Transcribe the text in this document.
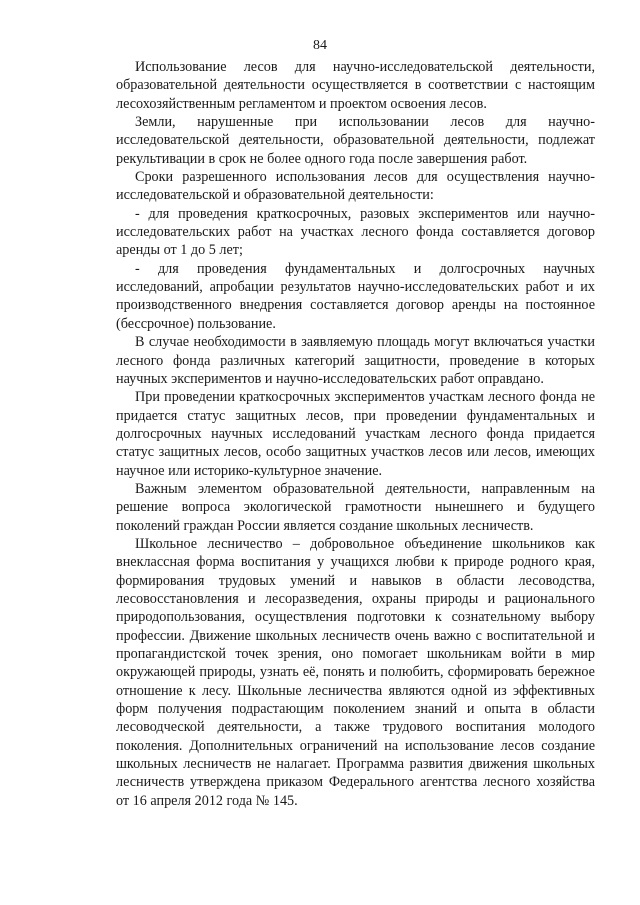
84

Использование лесов для научно-исследовательской деятельности, образовательной деятельности осуществляется в соответствии с настоящим лесохозяйственным регламентом и проектом освоения лесов.

Земли, нарушенные при использовании лесов для научно-исследовательской деятельности, образовательной деятельности, подлежат рекультивации в срок не более одного года после завершения работ.

Сроки разрешенного использования лесов для осуществления научно-исследовательской и образовательной деятельности:

- для проведения краткосрочных, разовых экспериментов или научно-исследовательских работ на участках лесного фонда составляется договор аренды от 1 до 5 лет;

- для проведения фундаментальных и долгосрочных научных исследований, апробации результатов научно-исследовательских работ и их производственного внедрения составляется договор аренды на постоянное (бессрочное) пользование.

В случае необходимости в заявляемую площадь могут включаться участки лесного фонда различных категорий защитности, проведение в которых научных экспериментов и научно-исследовательских работ оправдано.

При проведении краткосрочных экспериментов участкам лесного фонда не придается статус защитных лесов, при проведении фундаментальных и долгосрочных научных исследований участкам лесного фонда придается статус защитных лесов, особо защитных участков лесов или лесов, имеющих научное или историко-культурное значение.

Важным элементом образовательной деятельности, направленным на решение вопроса экологической грамотности нынешнего и будущего поколений граждан России является создание школьных лесничеств.

Школьное лесничество – добровольное объединение школьников как внеклассная форма воспитания у учащихся любви к природе родного края, формирования трудовых умений и навыков в области лесоводства, лесовосстановления и лесоразведения, охраны природы и рационального природопользования, осуществления подготовки к сознательному выбору профессии. Движение школьных лесничеств очень важно с воспитательной и пропагандистской точек зрения, оно помогает школьникам войти в мир окружающей природы, узнать её, понять и полюбить, сформировать бережное отношение к лесу. Школьные лесничества являются одной из эффективных форм получения подрастающим поколением знаний и опыта в области лесоводческой деятельности, а также трудового воспитания молодого поколения. Дополнительных ограничений на использование лесов создание школьных лесничеств не налагает. Программа развития движения школьных лесничеств утверждена приказом Федерального агентства лесного хозяйства от 16 апреля 2012 года № 145.
